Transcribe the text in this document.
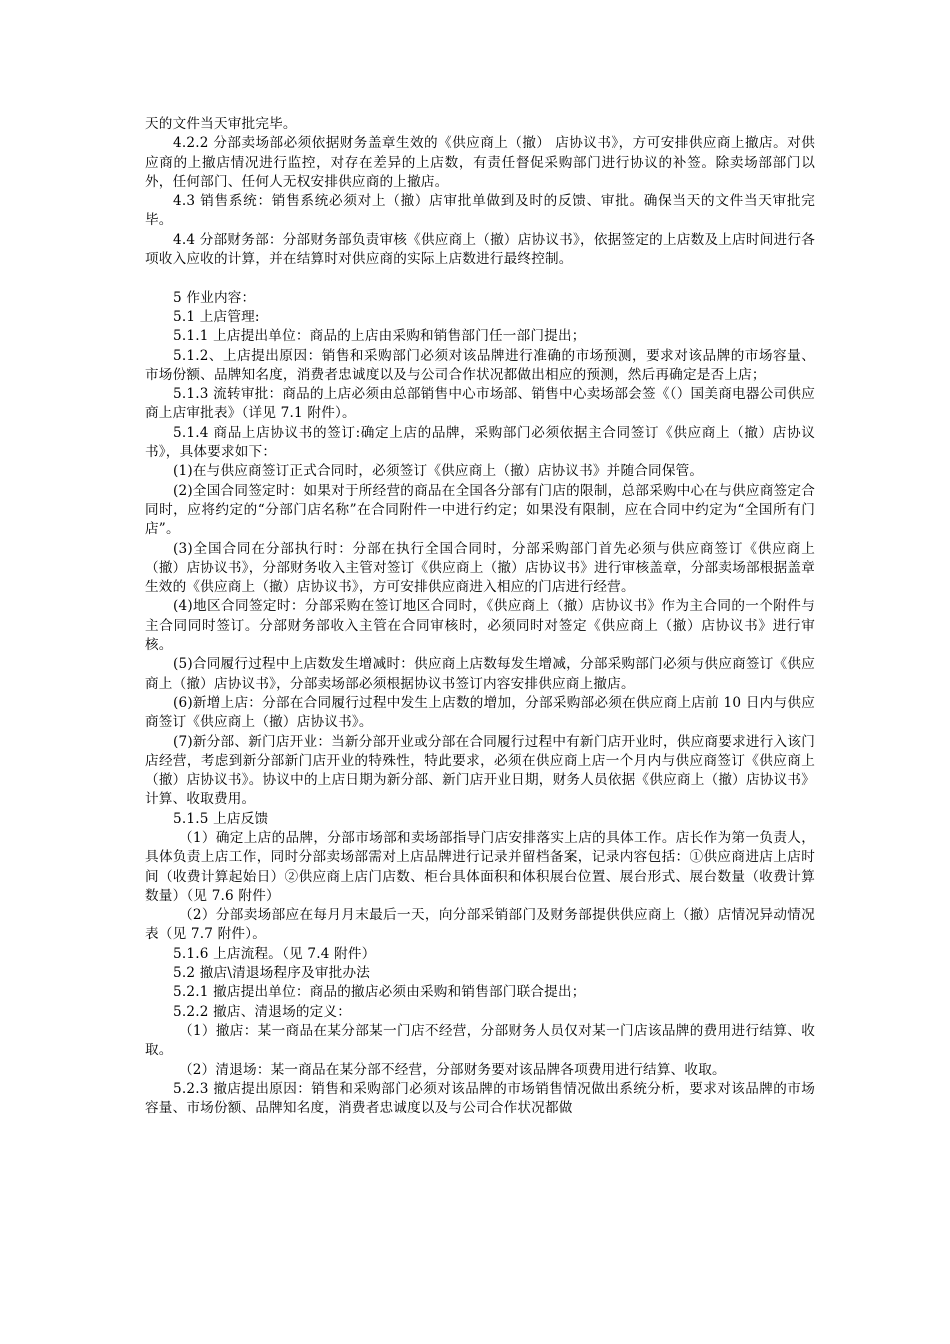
天的文件当天审批完毕。

4.2.2 分部卖场部必须依据财务盖章生效的《供应商上（撤） 店协议书》，方可安排供应商上撤店。对供应商的上撤店情况进行监控，对存在差异的上店数，有责任督促采购部门进行协议的补签。除卖场部部门以外，任何部门、任何人无权安排供应商的上撤店。

4.3 销售系统：销售系统必须对上（撤）店审批单做到及时的反馈、审批。确保当天的文件当天审批完毕。

4.4 分部财务部：分部财务部负责审核《供应商上（撤）店协议书》，依据签定的上店数及上店时间进行各项收入应收的计算，并在结算时对供应商的实际上店数进行最终控制。

5 作业内容：

5.1 上店管理:

5.1.1 上店提出单位：商品的上店由采购和销售部门任一部门提出；

5.1.2、上店提出原因：销售和采购部门必须对该品牌进行准确的市场预测，要求对该品牌的市场容量、市场份额、品牌知名度，消费者忠诚度以及与公司合作状况都做出相应的预测，然后再确定是否上店；

5.1.3 流转审批：商品的上店必须由总部销售中心市场部、销售中心卖场部会签《（）国美商电器公司供应商上店审批表》（详见 7.1 附件）。

5.1.4 商品上店协议书的签订:确定上店的品牌，采购部门必须依据主合同签订《供应商上（撤）店协议书》，具体要求如下：

(1)在与供应商签订正式合同时，必须签订《供应商上（撤）店协议书》并随合同保管。

(2)全国合同签定时：如果对于所经营的商品在全国各分部有门店的限制，总部采购中心在与供应商签定合同时，应将约定的“分部门店名称”在合同附件一中进行约定；如果没有限制，应在合同中约定为“全国所有门店”。

(3)全国合同在分部执行时：分部在执行全国合同时，分部采购部门首先必须与供应商签订《供应商上（撤）店协议书》，分部财务收入主管对签订《供应商上（撤）店协议书》进行审核盖章，分部卖场部根据盖章生效的《供应商上（撤）店协议书》，方可安排供应商进入相应的门店进行经营。

(4)地区合同签定时：分部采购在签订地区合同时，《供应商上（撤）店协议书》作为主合同的一个附件与主合同同时签订。分部财务部收入主管在合同审核时，必须同时对签定《供应商上（撤）店协议书》进行审核。

(5)合同履行过程中上店数发生增减时：供应商上店数每发生增减，分部采购部门必须与供应商签订《供应商上（撤）店协议书》，分部卖场部必须根据协议书签订内容安排供应商上撤店。

(6)新增上店：分部在合同履行过程中发生上店数的增加，分部采购部必须在供应商上店前 10 日内与供应商签订《供应商上（撤）店协议书》。

(7)新分部、新门店开业：当新分部开业或分部在合同履行过程中有新门店开业时，供应商要求进行入该门店经营，考虑到新分部新门店开业的特殊性，特此要求，必须在供应商上店一个月内与供应商签订《供应商上（撤）店协议书》。协议中的上店日期为新分部、新门店开业日期，财务人员依据《供应商上（撤）店协议书》计算、收取费用。

5.1.5 上店反馈

（1）确定上店的品牌，分部市场部和卖场部指导门店安排落实上店的具体工作。店长作为第一负责人，具体负责上店工作，同时分部卖场部需对上店品牌进行记录并留档备案，记录内容包括：①供应商进店上店时间（收费计算起始日）②供应商上店门店数、柜台具体面积和体积展台位置、展台形式、展台数量（收费计算数量）（见 7.6 附件）

（2）分部卖场部应在每月月末最后一天，向分部采销部门及财务部提供供应商上（撤）店情况异动情况表（见 7.7 附件）。

5.1.6 上店流程。（见 7.4 附件）

5.2 撤店\清退场程序及审批办法

5.2.1 撤店提出单位：商品的撤店必须由采购和销售部门联合提出；

5.2.2 撤店、清退场的定义：

（1）撤店：某一商品在某分部某一门店不经营，分部财务人员仅对某一门店该品牌的费用进行结算、收取。

（2）清退场：某一商品在某分部不经营，分部财务要对该品牌各项费用进行结算、收取。

5.2.3 撤店提出原因：销售和采购部门必须对该品牌的市场销售情况做出系统分析，要求对该品牌的市场容量、市场份额、品牌知名度，消费者忠诚度以及与公司合作状况都做
